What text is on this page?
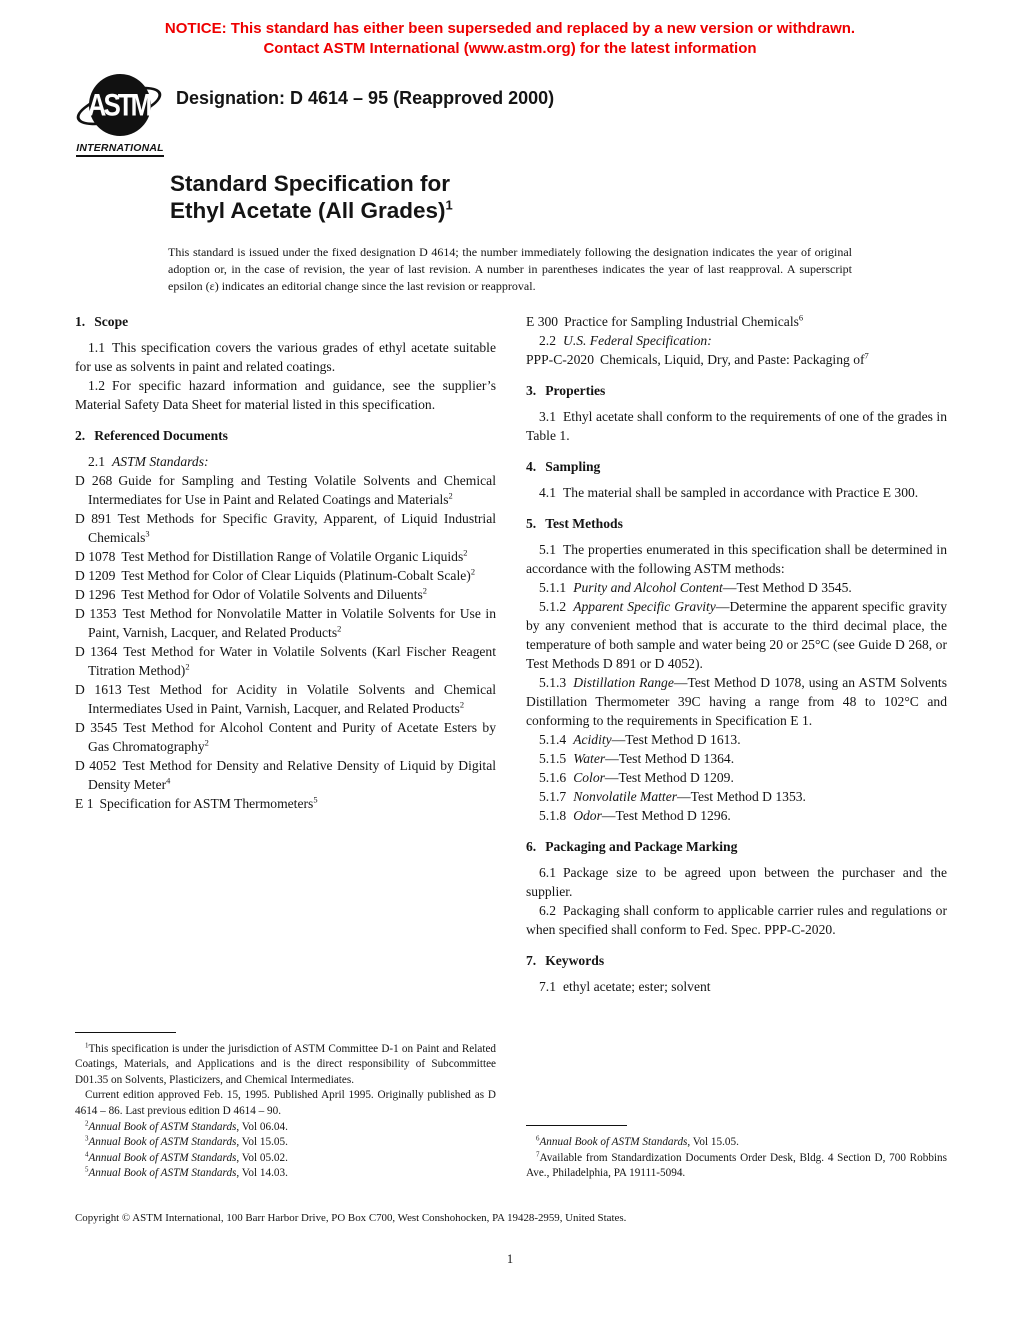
NOTICE: This standard has either been superseded and replaced by a new version or withdrawn.
Contact ASTM International (www.astm.org) for the latest information
ASTM
INTERNATIONAL
Designation: D 4614 – 95 (Reapproved 2000)
Standard Specification for
Ethyl Acetate (All Grades)$^1$
This standard is issued under the fixed designation D 4614; the number immediately following the designation indicates the year of original adoption or, in the case of revision, the year of last revision. A number in parentheses indicates the year of last reapproval. A superscript epsilon (ε) indicates an editorial change since the last revision or reapproval.
1. Scope

1.1 This specification covers the various grades of ethyl acetate suitable for use as solvents in paint and related coatings.

1.2 For specific hazard information and guidance, see the supplier’s Material Safety Data Sheet for material listed in this specification.

2. Referenced Documents

2.1 ASTM Standards:

D 268 Guide for Sampling and Testing Volatile Solvents and Chemical Intermediates for Use in Paint and Related Coatings and Materials$^2$

D 891 Test Methods for Specific Gravity, Apparent, of Liquid Industrial Chemicals$^3$

D 1078 Test Method for Distillation Range of Volatile Organic Liquids$^2$

D 1209 Test Method for Color of Clear Liquids (Platinum-Cobalt Scale)$^2$

D 1296 Test Method for Odor of Volatile Solvents and Diluents$^2$

D 1353 Test Method for Nonvolatile Matter in Volatile Solvents for Use in Paint, Varnish, Lacquer, and Related Products$^2$

D 1364 Test Method for Water in Volatile Solvents (Karl Fischer Reagent Titration Method)$^2$

D 1613 Test Method for Acidity in Volatile Solvents and Chemical Intermediates Used in Paint, Varnish, Lacquer, and Related Products$^2$

D 3545 Test Method for Alcohol Content and Purity of Acetate Esters by Gas Chromatography$^2$

D 4052 Test Method for Density and Relative Density of Liquid by Digital Density Meter$^4$

E 1 Specification for ASTM Thermometers$^5$

$^1$This specification is under the jurisdiction of ASTM Committee D-1 on Paint and Related Coatings, Materials, and Applications and is the direct responsibility of Subcommittee D01.35 on Solvents, Plasticizers, and Chemical Intermediates.

Current edition approved Feb. 15, 1995. Published April 1995. Originally published as D 4614 – 86. Last previous edition D 4614 – 90.

$^2$Annual Book of ASTM Standards, Vol 06.04.

$^3$Annual Book of ASTM Standards, Vol 15.05.

$^4$Annual Book of ASTM Standards, Vol 05.02.

$^5$Annual Book of ASTM Standards, Vol 14.03.

E 300 Practice for Sampling Industrial Chemicals$^6$

2.2 U.S. Federal Specification:

PPP-C-2020 Chemicals, Liquid, Dry, and Paste: Packaging $of^7$

3. Properties

3.1 Ethyl acetate shall conform to the requirements of one of the grades in Table 1.

4. Sampling

4.1 The material shall be sampled in accordance with Practice E 300.

5. Test Methods

5.1 The properties enumerated in this specification shall be determined in accordance with the following ASTM methods:

5.1.1 Purity and Alcohol Content—Test Method D 3545.

5.1.2 Apparent Specific Gravity—Determine the apparent specific gravity by any convenient method that is accurate to the third decimal place, the temperature of both sample and water being 20 or 25°C (see Guide D 268, or Test Methods D 891 or D 4052).

5.1.3 Distillation Range—Test Method D 1078, using an ASTM Solvents Distillation Thermometer 39C having a range from 48 to 102°C and conforming to the requirements in Specification E 1.

5.1.4 Acidity—Test Method D 1613.

5.1.5 Water—Test Method D 1364.

5.1.6 Color—Test Method D 1209.

5.1.7 Nonvolatile Matter—Test Method D 1353.

5.1.8 Odor—Test Method D 1296.

6. Packaging and Package Marking

6.1 Package size to be agreed upon between the purchaser and the supplier.

6.2 Packaging shall conform to applicable carrier rules and regulations or when specified shall conform to Fed. Spec. PPP-C-2020.

7. Keywords

7.1 ethyl acetate; ester; solvent

$^6$Annual Book of ASTM Standards, Vol 15.05.

$^7$Available from Standardization Documents Order Desk, Bldg. 4 Section D, 700 Robbins Ave., Philadelphia, PA 19111-5094.

Copyright © ASTM International, 100 Barr Harbor Drive, PO Box C700, West Conshohocken, PA 19428-2959, United States.
1
